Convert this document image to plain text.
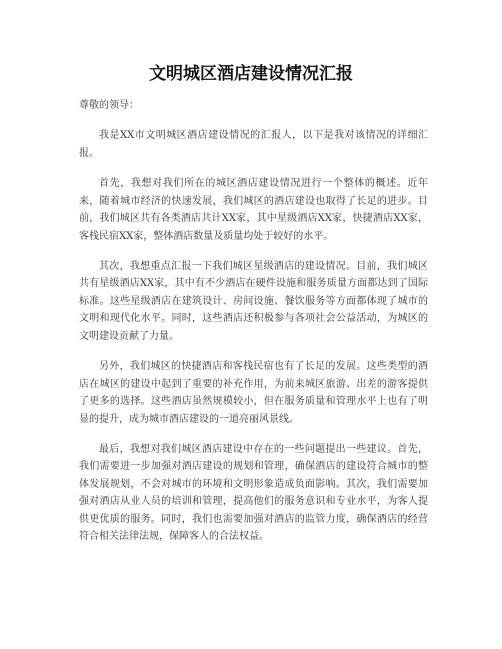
文明城区酒店建设情况汇报

尊敬的领导：

我是XX市文明城区酒店建设情况的汇报人，以下是我对该情况的详细汇报。

首先，我想对我们所在的城区酒店建设情况进行一个整体的概述。近年来，随着城市经济的快速发展，我们城区的酒店建设也取得了长足的进步。目前，我们城区共有各类酒店共计XX家，其中星级酒店XX家，快捷酒店XX家，客栈民宿XX家，整体酒店数量及质量均处于较好的水平。

其次，我想重点汇报一下我们城区星级酒店的建设情况。目前，我们城区共有星级酒店XX家，其中有不少酒店在硬件设施和服务质量方面都达到了国际标准。这些星级酒店在建筑设计、房间设施、餐饮服务等方面都体现了城市的文明和现代化水平。同时，这些酒店还积极参与各项社会公益活动，为城区的文明建设贡献了力量。

另外，我们城区的快捷酒店和客栈民宿也有了长足的发展。这些类型的酒店在城区的建设中起到了重要的补充作用，为前来城区旅游、出差的游客提供了更多的选择。这些酒店虽然规模较小，但在服务质量和管理水平上也有了明显的提升，成为城市酒店建设的一道亮丽风景线。

最后，我想对我们城区酒店建设中存在的一些问题提出一些建议。首先，我们需要进一步加强对酒店建设的规划和管理，确保酒店的建设符合城市的整体发展规划，不会对城市的环境和文明形象造成负面影响。其次，我们需要加强对酒店从业人员的培训和管理，提高他们的服务意识和专业水平，为客人提供更优质的服务。同时，我们也需要加强对酒店的监管力度，确保酒店的经营符合相关法律法规，保障客人的合法权益。
